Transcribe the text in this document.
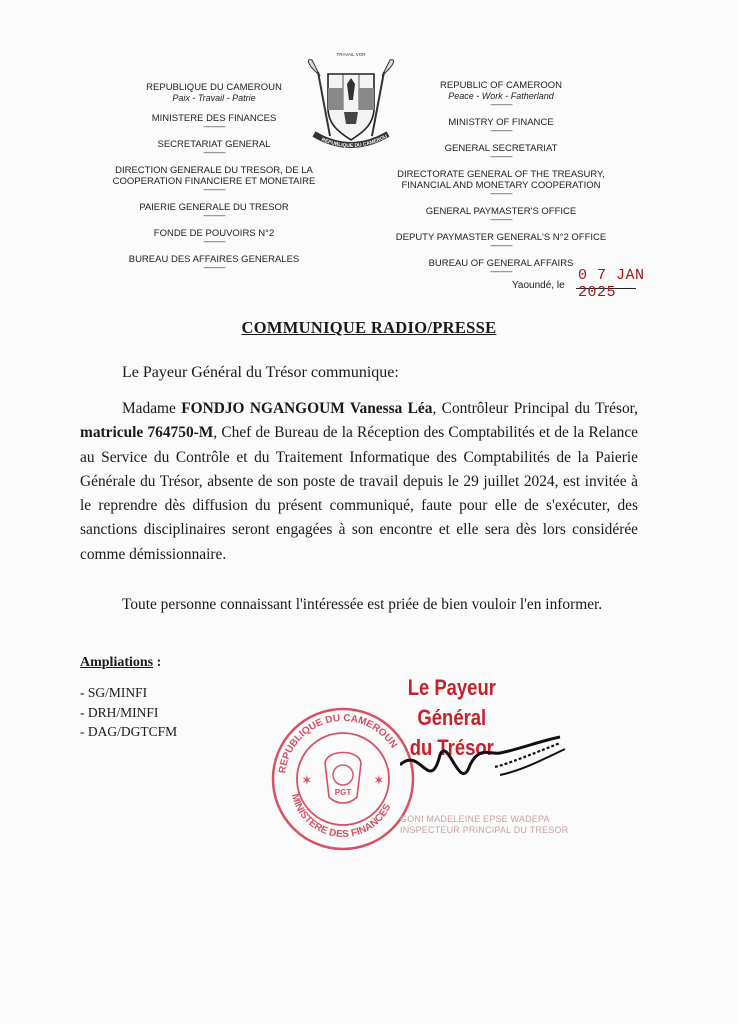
REPUBLIQUE DU CAMEROUN
Paix - Travail - Patrie
MINISTERE DES FINANCES
-------------
SECRETARIAT GENERAL
-------------
DIRECTION GENERALE DU TRESOR, DE LA COOPERATION FINANCIERE ET MONETAIRE
-------------
PAIERIE GENERALE DU TRESOR
-------------
FONDE DE POUVOIRS N°2
-------------
BUREAU DES AFFAIRES GENERALES
-------------
TRAVAIL VOR
REPUBLIQUE DU CAMEROU
REPUBLIC OF CAMEROON
Peace - Work - Fatherland
-------------
MINISTRY OF FINANCE
-------------
GENERAL SECRETARIAT
-------------
DIRECTORATE GENERAL OF THE TREASURY, FINANCIAL AND MONETARY COOPERATION
-------------
GENERAL PAYMASTER'S OFFICE
-------------
DEPUTY PAYMASTER GENERAL'S N°2 OFFICE
-------------
BUREAU OF GENERAL AFFAIRS
-------------
Yaoundé, le
0 7 JAN 2025
COMMUNIQUE RADIO/PRESSE
Le Payeur Général du Trésor communique:
Madame FONDJO NGANGOUM Vanessa Léa, Contrôleur Principal du Trésor, matricule 764750-M, Chef de Bureau de la Réception des Comptabilités et de la Relance au Service du Contrôle et du Traitement Informatique des Comptabilités de la Paierie Générale du Trésor, absente de son poste de travail depuis le 29 juillet 2024, est invitée à le reprendre dès diffusion du présent communiqué, faute pour elle de s'exécuter, des sanctions disciplinaires seront engagées à son encontre et elle sera dès lors considérée comme démissionnaire.
Toute personne connaissant l'intéressée est priée de bien vouloir l'en informer.
Ampliations :
- SG/MINFI
- DRH/MINFI
- DAG/DGTCFM
Le Payeur Général
du Trésor
REPUBLIQUE DU CAMEROUN
MINISTERE DES FINANCES
PGT
✶	✶
GONI MADELEINE EPSE WADEPA
INSPECTEUR PRINCIPAL DU TRESOR
